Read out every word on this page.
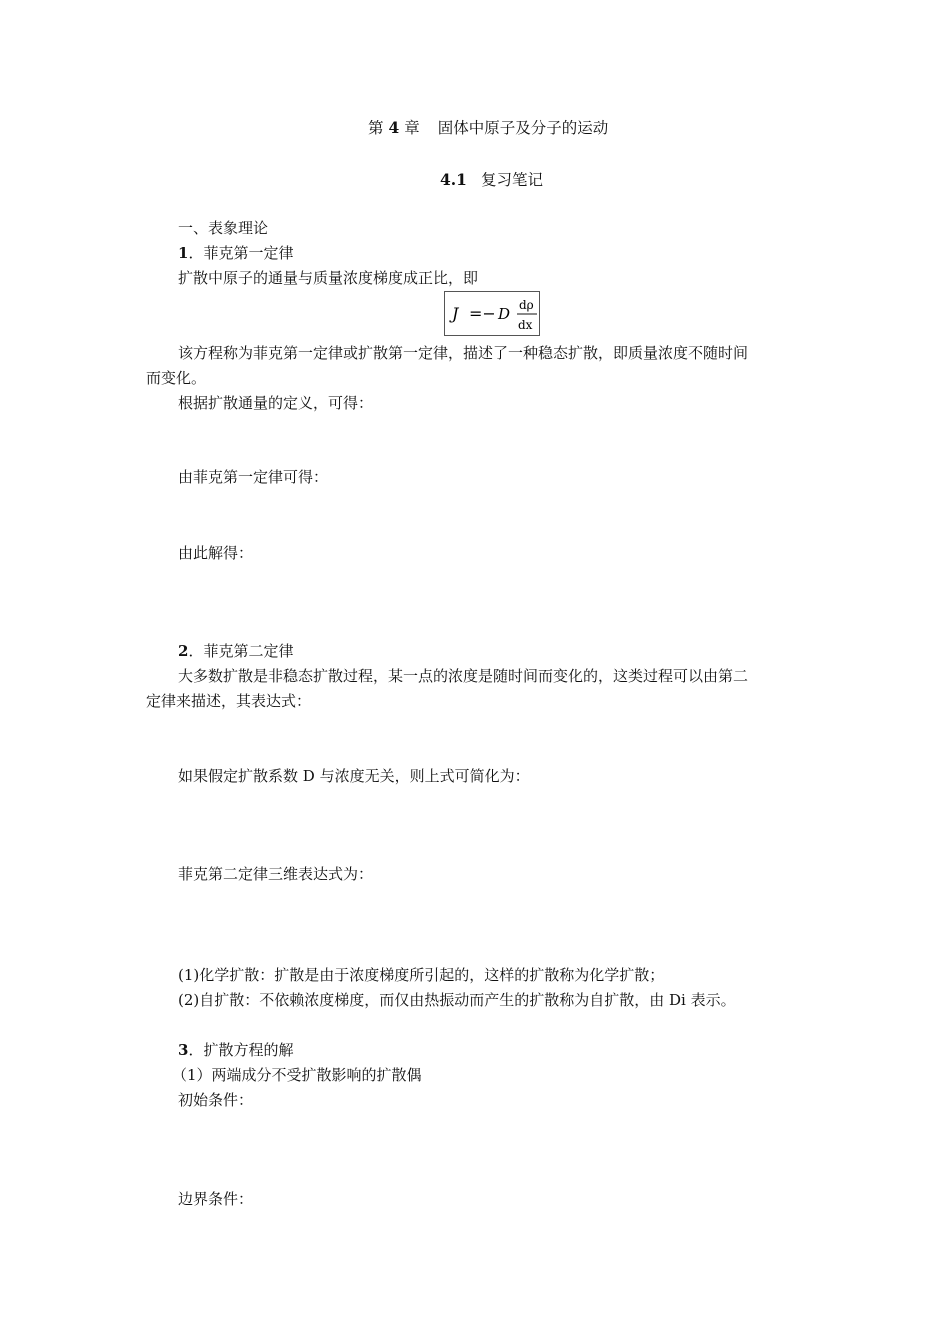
第 4 章 固体中原子及分子的运动
4.1 复习笔记
一、表象理论
1．菲克第一定律
扩散中原子的通量与质量浓度梯度成正比，即
J =− D dρ
dx
该方程称为菲克第一定律或扩散第一定律，描述了一种稳态扩散，即质量浓度不随时间
而变化。
根据扩散通量的定义，可得：
由菲克第一定律可得：
由此解得：
2．菲克第二定律
大多数扩散是非稳态扩散过程，某一点的浓度是随时间而变化的，这类过程可以由第二
定律来描述，其表达式：
如果假定扩散系数 D 与浓度无关，则上式可简化为：
菲克第二定律三维表达式为：
(1)化学扩散：扩散是由于浓度梯度所引起的，这样的扩散称为化学扩散；
(2)自扩散：不依赖浓度梯度，而仅由热振动而产生的扩散称为自扩散，由 Di 表示。
3．扩散方程的解
（1）两端成分不受扩散影响的扩散偶
初始条件：
边界条件：
